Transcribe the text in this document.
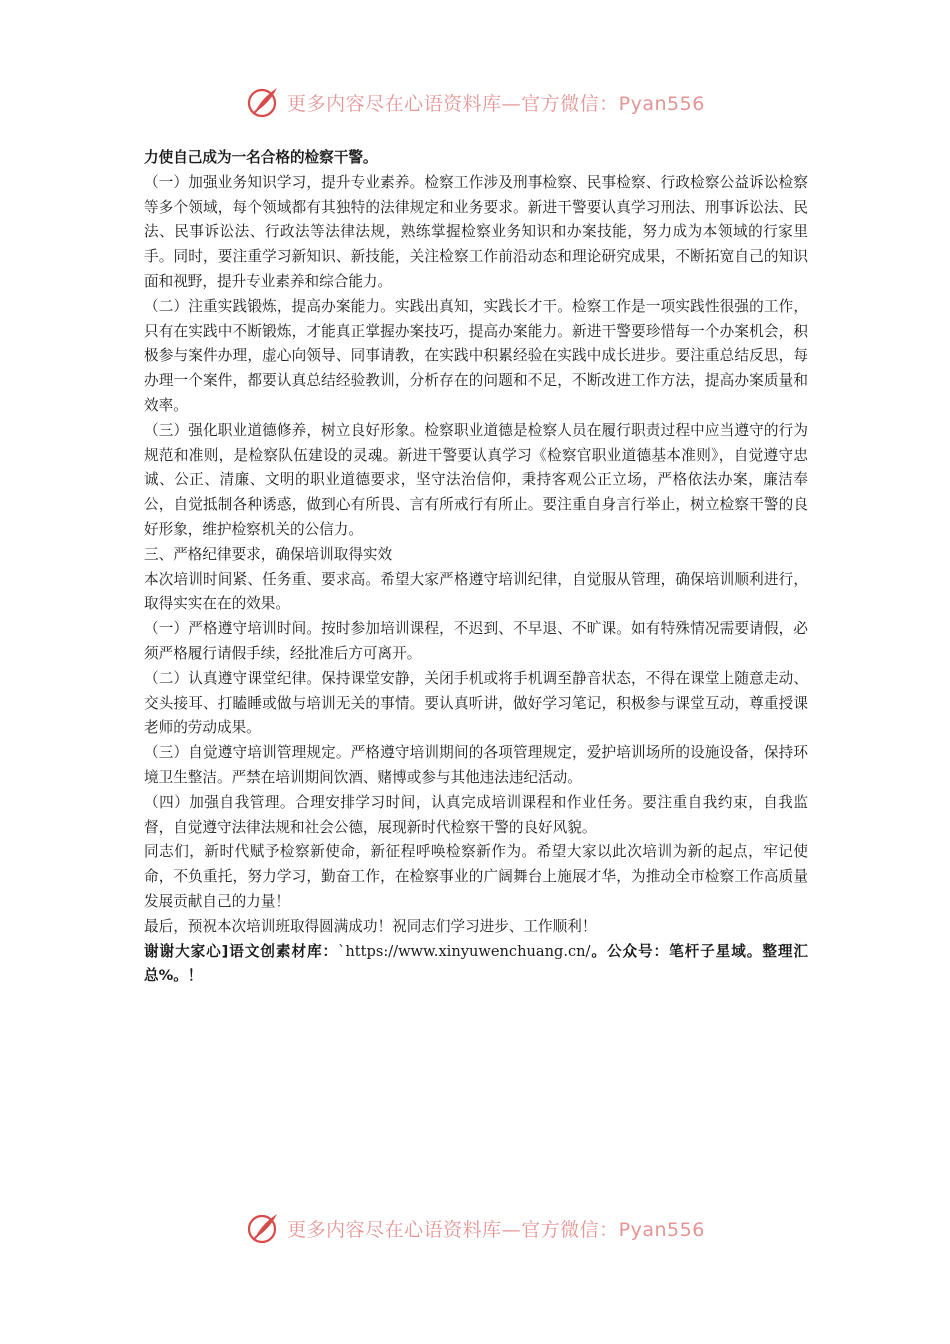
更多内容尽在心语资料库—官方微信：Pyan556

力使自己成为一名合格的检察干警。

（一）加强业务知识学习，提升专业素养。检察工作涉及刑事检察、民事检察、行政检察公益诉讼检察等多个领域，每个领域都有其独特的法律规定和业务要求。新进干警要认真学习刑法、刑事诉讼法、民法、民事诉讼法、行政法等法律法规，熟练掌握检察业务知识和办案技能，努力成为本领域的行家里手。同时，要注重学习新知识、新技能，关注检察工作前沿动态和理论研究成果，不断拓宽自己的知识面和视野，提升专业素养和综合能力。

（二）注重实践锻炼，提高办案能力。实践出真知，实践长才干。检察工作是一项实践性很强的工作，只有在实践中不断锻炼，才能真正掌握办案技巧，提高办案能力。新进干警要珍惜每一个办案机会，积极参与案件办理，虚心向领导、同事请教，在实践中积累经验在实践中成长进步。要注重总结反思，每办理一个案件，都要认真总结经验教训，分析存在的问题和不足，不断改进工作方法，提高办案质量和效率。

（三）强化职业道德修养，树立良好形象。检察职业道德是检察人员在履行职责过程中应当遵守的行为规范和准则，是检察队伍建设的灵魂。新进干警要认真学习《检察官职业道德基本准则》，自觉遵守忠诚、公正、清廉、文明的职业道德要求，坚守法治信仰，秉持客观公正立场，严格依法办案，廉洁奉公，自觉抵制各种诱惑，做到心有所畏、言有所戒行有所止。要注重自身言行举止，树立检察干警的良好形象，维护检察机关的公信力。

三、严格纪律要求，确保培训取得实效

本次培训时间紧、任务重、要求高。希望大家严格遵守培训纪律，自觉服从管理，确保培训顺利进行，取得实实在在的效果。

（一）严格遵守培训时间。按时参加培训课程，不迟到、不早退、不旷课。如有特殊情况需要请假，必须严格履行请假手续，经批准后方可离开。

（二）认真遵守课堂纪律。保持课堂安静，关闭手机或将手机调至静音状态，不得在课堂上随意走动、交头接耳、打瞌睡或做与培训无关的事情。要认真听讲，做好学习笔记，积极参与课堂互动，尊重授课老师的劳动成果。

（三）自觉遵守培训管理规定。严格遵守培训期间的各项管理规定，爱护培训场所的设施设备，保持环境卫生整洁。严禁在培训期间饮酒、赌博或参与其他违法违纪活动。

（四）加强自我管理。合理安排学习时间，认真完成培训课程和作业任务。要注重自我约束，自我监督，自觉遵守法律法规和社会公德，展现新时代检察干警的良好风貌。

同志们，新时代赋予检察新使命，新征程呼唤检察新作为。希望大家以此次培训为新的起点，牢记使命，不负重托，努力学习，勤奋工作，在检察事业的广阔舞台上施展才华，为推动全市检察工作高质量发展贡献自己的力量！

最后，预祝本次培训班取得圆满成功！祝同志们学习进步、工作顺利！

谢谢大家心]语文创素材库：`https://www.xinyuwenchuang.cn/。公众号：笔杆子星域。整理汇总%。！

更多内容尽在心语资料库—官方微信：Pyan556
